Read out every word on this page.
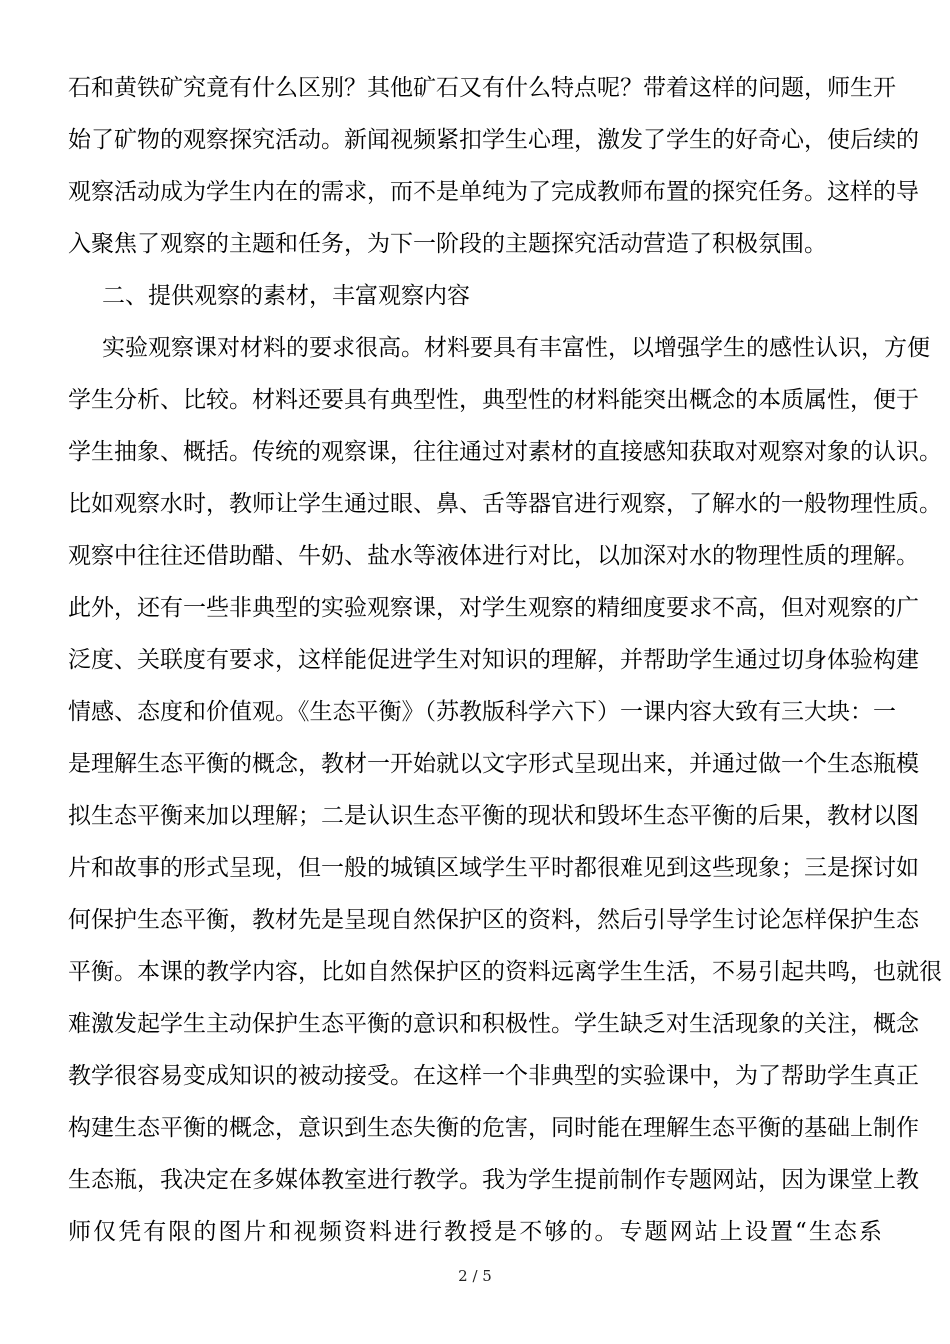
石和黄铁矿究竟有什么区别？其他矿石又有什么特点呢？带着这样的问题，师生开
始了矿物的观察探究活动。新闻视频紧扣学生心理，激发了学生的好奇心，使后续的
观察活动成为学生内在的需求，而不是单纯为了完成教师布置的探究任务。这样的导
入聚焦了观察的主题和任务，为下一阶段的主题探究活动营造了积极氛围。
二、提供观察的素材，丰富观察内容
实验观察课对材料的要求很高。材料要具有丰富性，以增强学生的感性认识，方便
学生分析、比较。材料还要具有典型性，典型性的材料能突出概念的本质属性，便于
学生抽象、概括。传统的观察课，往往通过对素材的直接感知获取对观察对象的认识。
比如观察水时，教师让学生通过眼、鼻、舌等器官进行观察，了解水的一般物理性质。
观察中往往还借助醋、牛奶、盐水等液体进行对比，以加深对水的物理性质的理解。
此外，还有一些非典型的实验观察课，对学生观察的精细度要求不高，但对观察的广
泛度、关联度有要求，这样能促进学生对知识的理解，并帮助学生通过切身体验构建
情感、态度和价值观。《生态平衡》（苏教版科学六下）一课内容大致有三大块：一
是理解生态平衡的概念，教材一开始就以文字形式呈现出来，并通过做一个生态瓶模
拟生态平衡来加以理解；二是认识生态平衡的现状和毁坏生态平衡的后果，教材以图
片和故事的形式呈现，但一般的城镇区域学生平时都很难见到这些现象；三是探讨如
何保护生态平衡，教材先是呈现自然保护区的资料，然后引导学生讨论怎样保护生态
平衡。本课的教学内容，比如自然保护区的资料远离学生生活，不易引起共鸣，也就很
难激发起学生主动保护生态平衡的意识和积极性。学生缺乏对生活现象的关注，概念
教学很容易变成知识的被动接受。在这样一个非典型的实验课中，为了帮助学生真正
构建生态平衡的概念，意识到生态失衡的危害，同时能在理解生态平衡的基础上制作
生态瓶，我决定在多媒体教室进行教学。我为学生提前制作专题网站，因为课堂上教
师仅凭有限的图片和视频资料进行教授是不够的。专题网站上设置“生态系
2 / 5
